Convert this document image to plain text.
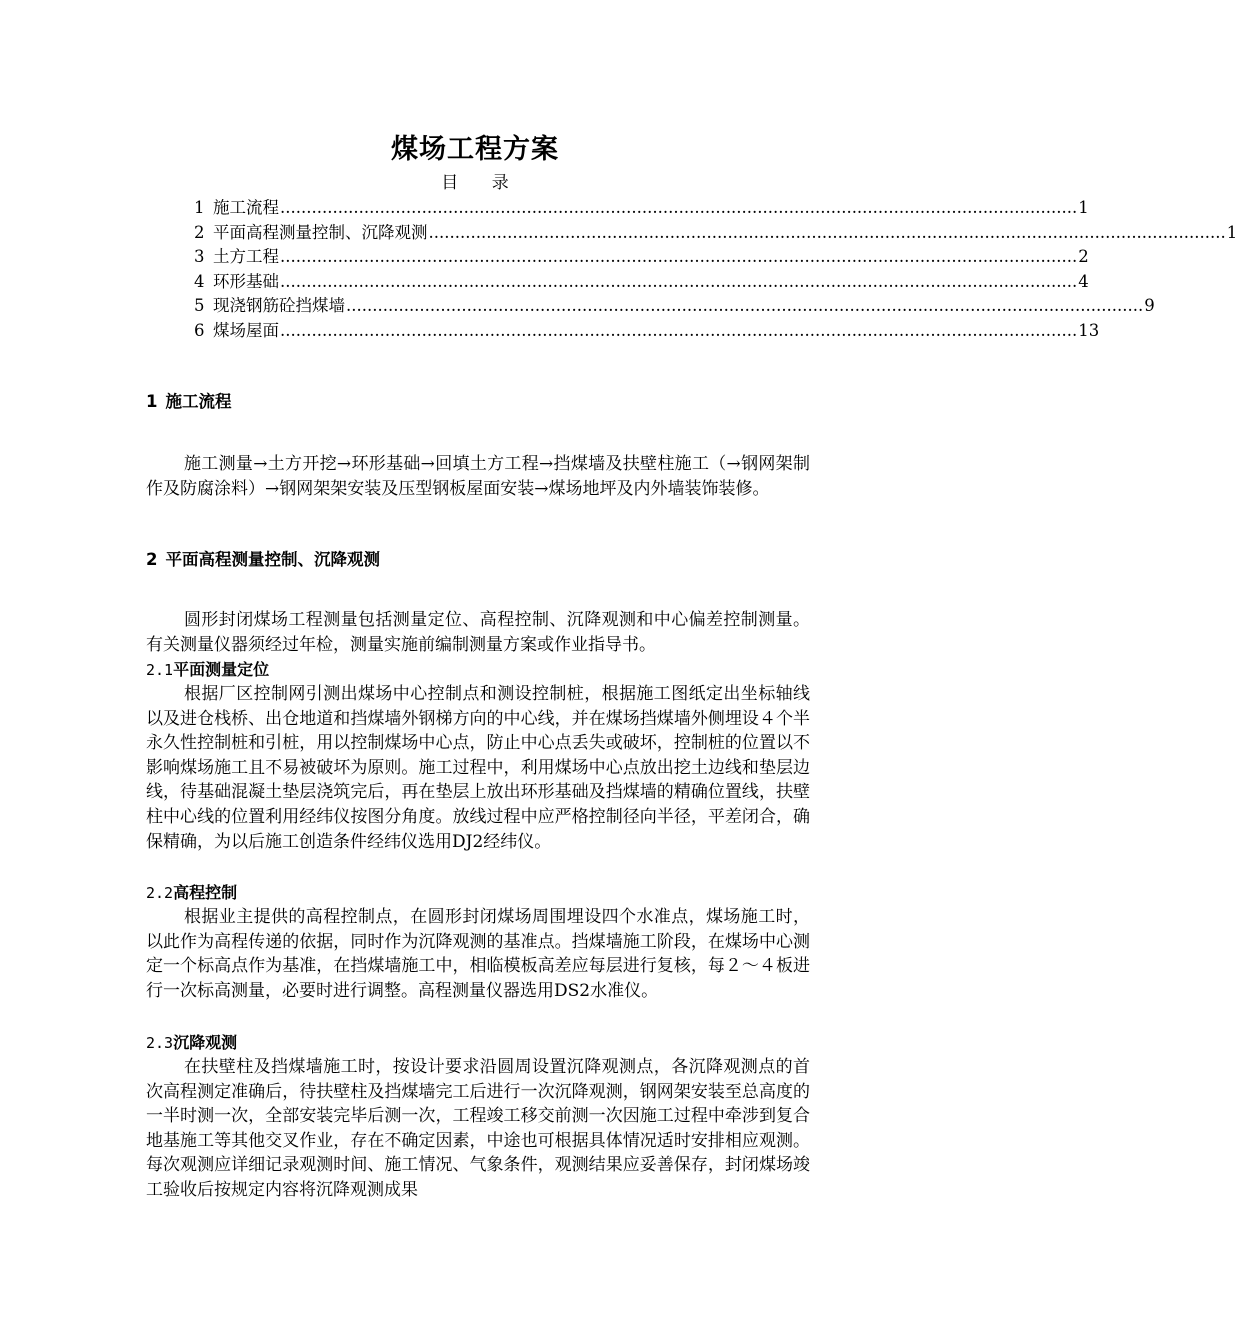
煤场工程方案
目 录
1 施工流程 ........................................................................................................................................................ 1
2 平面高程测量控制、沉降观测 ........................................................................................................................................................ 1
3 土方工程 ........................................................................................................................................................ 2
4 环形基础 ........................................................................................................................................................ 4
5 现浇钢筋砼挡煤墙 ........................................................................................................................................................ 9
6 煤场屋面 ........................................................................................................................................................ 13
1 施工流程

施工测量→土方开挖→环形基础→回填土方工程→挡煤墙及扶壁柱施工（→钢网架制作及防腐涂料）→钢网架架安装及压型钢板屋面安装→煤场地坪及内外墙装饰装修。

2 平面高程测量控制、沉降观测

圆形封闭煤场工程测量包括测量定位、高程控制、沉降观测和中心偏差控制测量。有关测量仪器须经过年检，测量实施前编制测量方案或作业指导书。

2.1平面测量定位

根据厂区控制网引测出煤场中心控制点和测设控制桩，根据施工图纸定出坐标轴线以及进仓栈桥、出仓地道和挡煤墙外钢梯方向的中心线，并在煤场挡煤墙外侧埋设４个半永久性控制桩和引桩，用以控制煤场中心点，防止中心点丢失或破坏，控制桩的位置以不影响煤场施工且不易被破坏为原则。施工过程中，利用煤场中心点放出挖土边线和垫层边线，待基础混凝土垫层浇筑完后，再在垫层上放出环形基础及挡煤墙的精确位置线，扶壁柱中心线的位置利用经纬仪按图分角度。放线过程中应严格控制径向半径，平差闭合，确保精确，为以后施工创造条件经纬仪选用DJ2经纬仪。

2.2高程控制

根据业主提供的高程控制点，在圆形封闭煤场周围埋设四个水准点，煤场施工时，以此作为高程传递的依据，同时作为沉降观测的基准点。挡煤墙施工阶段，在煤场中心测定一个标高点作为基准，在挡煤墙施工中，相临模板高差应每层进行复核，每２～４板进行一次标高测量，必要时进行调整。高程测量仪器选用DS2水准仪。

2.3沉降观测

在扶壁柱及挡煤墙施工时，按设计要求沿圆周设置沉降观测点，各沉降观测点的首次高程测定准确后，待扶壁柱及挡煤墙完工后进行一次沉降观测，钢网架安装至总高度的一半时测一次，全部安装完毕后测一次，工程竣工移交前测一次因施工过程中牵涉到复合地基施工等其他交叉作业，存在不确定因素，中途也可根据具体情况适时安排相应观测。每次观测应详细记录观测时间、施工情况、气象条件，观测结果应妥善保存，封闭煤场竣工验收后按规定内容将沉降观测成果
